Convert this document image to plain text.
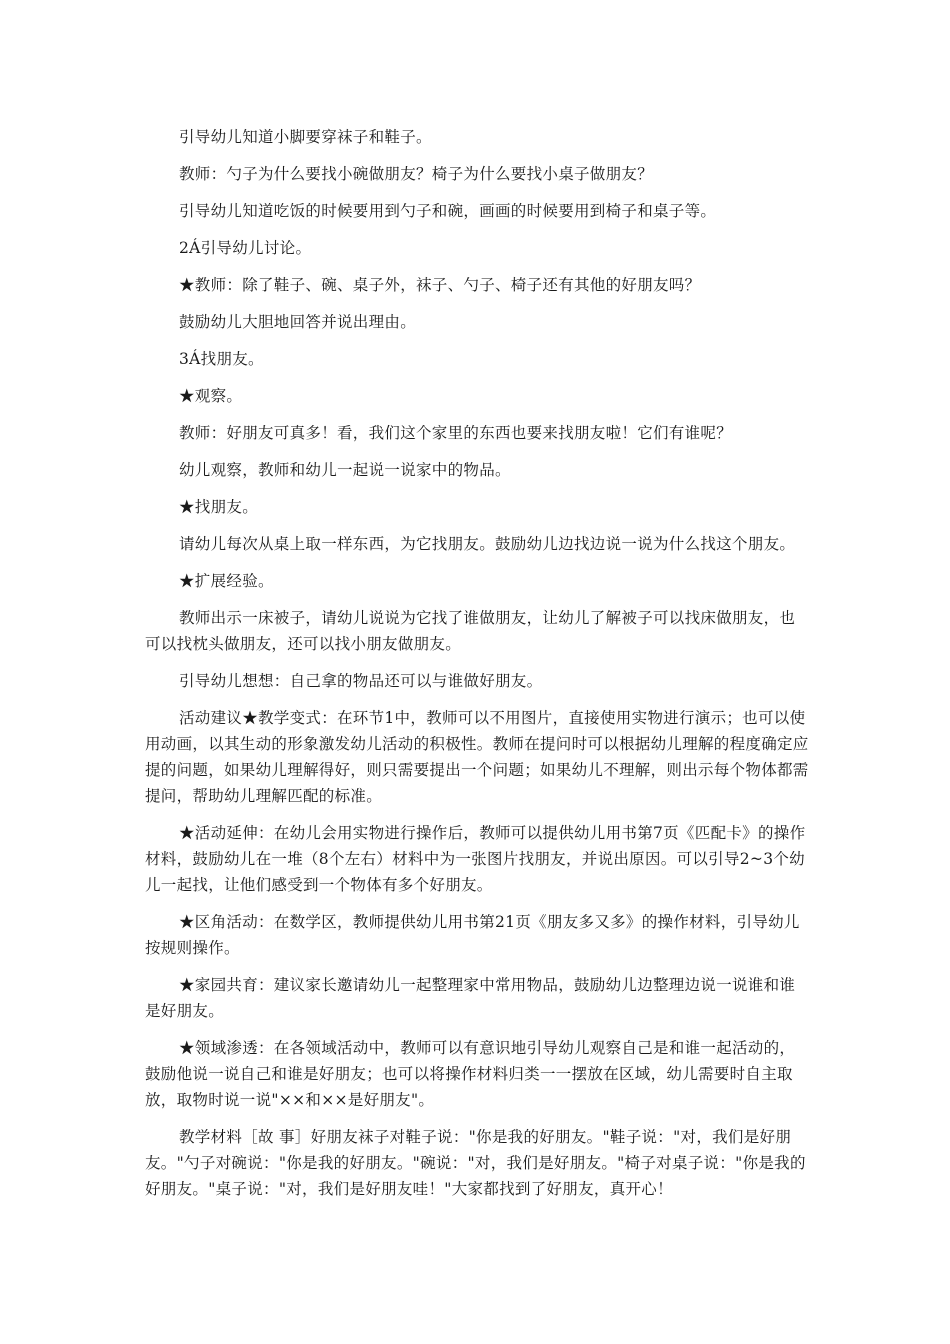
引导幼儿知道小脚要穿袜子和鞋子。

教师：勺子为什么要找小碗做朋友？椅子为什么要找小桌子做朋友？

引导幼儿知道吃饭的时候要用到勺子和碗，画画的时候要用到椅子和桌子等。

2Á引导幼儿讨论。

★教师：除了鞋子、碗、桌子外，袜子、勺子、椅子还有其他的好朋友吗？

鼓励幼儿大胆地回答并说出理由。

3Á找朋友。

★观察。

教师：好朋友可真多！看，我们这个家里的东西也要来找朋友啦！它们有谁呢？

幼儿观察，教师和幼儿一起说一说家中的物品。

★找朋友。

请幼儿每次从桌上取一样东西，为它找朋友。鼓励幼儿边找边说一说为什么找这个朋友。

★扩展经验。

教师出示一床被子，请幼儿说说为它找了谁做朋友，让幼儿了解被子可以找床做朋友，也可以找枕头做朋友，还可以找小朋友做朋友。

引导幼儿想想：自己拿的物品还可以与谁做好朋友。

活动建议★教学变式：在环节1中，教师可以不用图片，直接使用实物进行演示；也可以使用动画，以其生动的形象激发幼儿活动的积极性。教师在提问时可以根据幼儿理解的程度确定应提的问题，如果幼儿理解得好，则只需要提出一个问题；如果幼儿不理解，则出示每个物体都需提问，帮助幼儿理解匹配的标准。

★活动延伸：在幼儿会用实物进行操作后，教师可以提供幼儿用书第7页《匹配卡》的操作材料，鼓励幼儿在一堆（8个左右）材料中为一张图片找朋友，并说出原因。可以引导2~3个幼儿一起找，让他们感受到一个物体有多个好朋友。

★区角活动：在数学区，教师提供幼儿用书第21页《朋友多又多》的操作材料，引导幼儿按规则操作。

★家园共育：建议家长邀请幼儿一起整理家中常用物品，鼓励幼儿边整理边说一说谁和谁是好朋友。

★领域渗透：在各领域活动中，教师可以有意识地引导幼儿观察自己是和谁一起活动的，鼓励他说一说自己和谁是好朋友；也可以将操作材料归类一一摆放在区域，幼儿需要时自主取放，取物时说一说"××和××是好朋友"。

教学材料［故 事］好朋友袜子对鞋子说："你是我的好朋友。"鞋子说："对，我们是好朋友。"勺子对碗说："你是我的好朋友。"碗说："对，我们是好朋友。"椅子对桌子说："你是我的好朋友。"桌子说："对，我们是好朋友哇！"大家都找到了好朋友，真开心！
